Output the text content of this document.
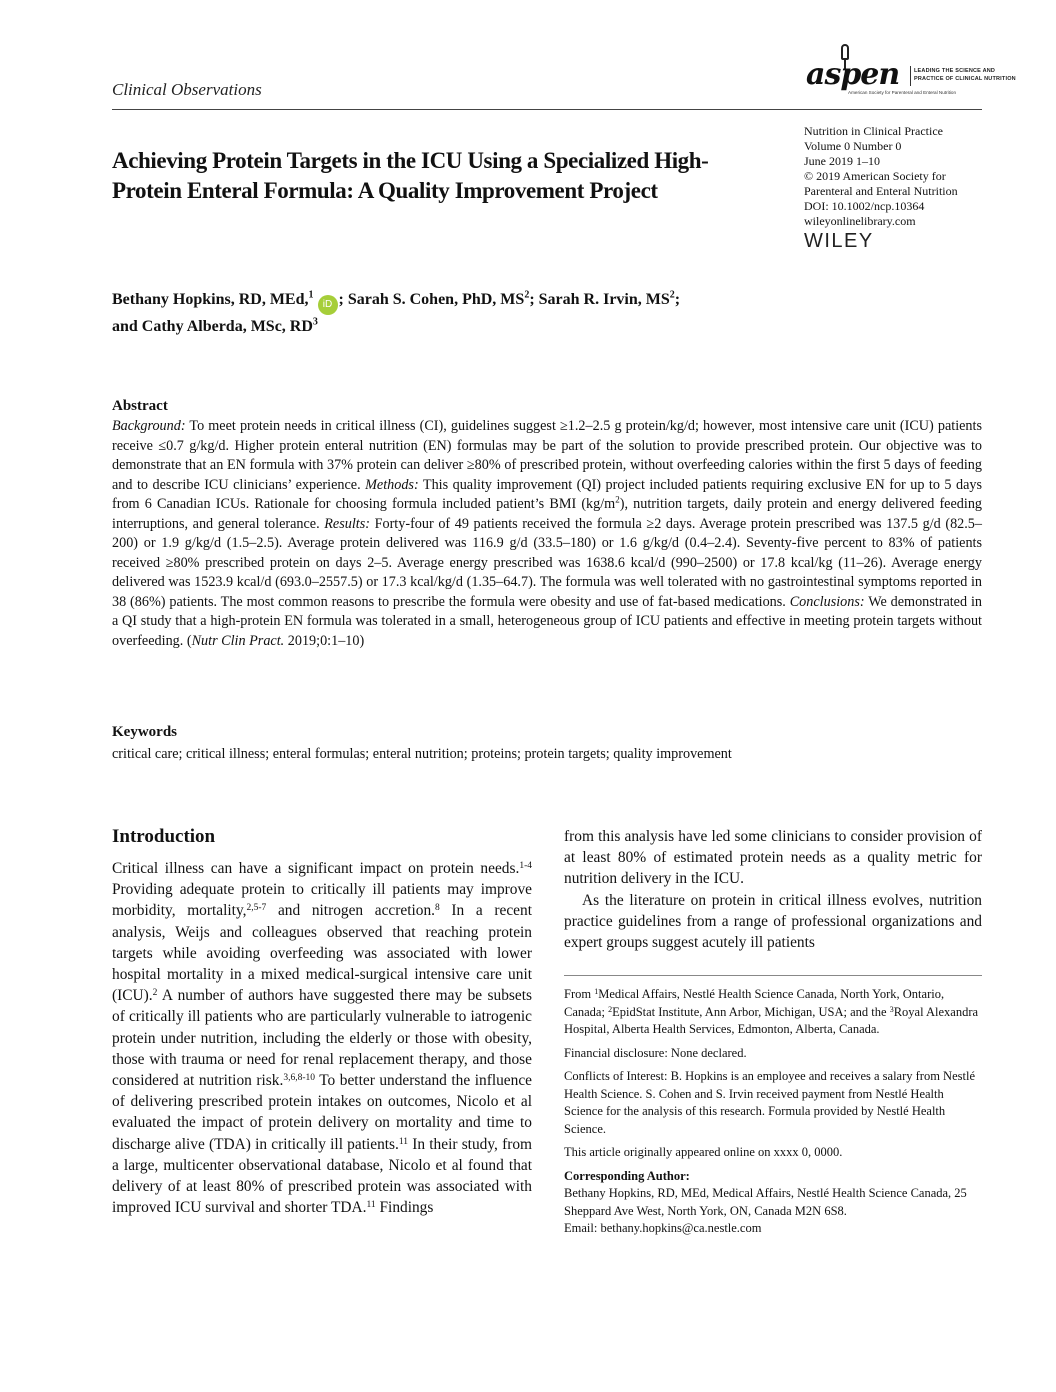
Clinical Observations	aspen	LEADING THE SCIENCE AND
PRACTICE OF CLINICAL NUTRITION
American Society for Parenteral and Enteral Nutrition
Achieving Protein Targets in the ICU Using a Specialized High-Protein Enteral Formula: A Quality Improvement Project
Nutrition in Clinical Practice
Volume 0 Number 0
June 2019 1–10
© 2019 American Society for
Parenteral and Enteral Nutrition
DOI: 10.1002/ncp.10364
wileyonlinelibrary.com
WILEY
Bethany Hopkins, RD, MEd,$^1$iD ; Sarah S. Cohen, PhD, $MS^2$; Sarah R. Irvin, $MS^2$;
and Cathy Alberda, MSc, $RD^3$
Abstract
Background: To meet protein needs in critical illness (CI), guidelines suggest ≥1.2–2.5 g protein/kg/d; however, most intensive care unit (ICU) patients receive ≤0.7 g/kg/d. Higher protein enteral nutrition (EN) formulas may be part of the solution to provide prescribed protein. Our objective was to demonstrate that an EN formula with 37% protein can deliver ≥80% of prescribed protein, without overfeeding calories within the first 5 days of feeding and to describe ICU clinicians’ experience. Methods: This quality improvement (QI) project included patients requiring exclusive EN for up to 5 days from 6 Canadian ICUs. Rationale for choosing formula included patient’s BMI $(kg/m^2)$, nutrition targets, daily protein and energy delivered feeding interruptions, and general tolerance. Results: Forty-four of 49 patients received the formula ≥2 days. Average protein prescribed was 137.5 g/d (82.5–200) or 1.9 g/kg/d (1.5–2.5). Average protein delivered was 116.9 g/d (33.5–180) or 1.6 g/kg/d (0.4–2.4). Seventy-five percent to 83% of patients received ≥80% prescribed protein on days 2–5. Average energy prescribed was 1638.6 kcal/d (990–2500) or 17.8 kcal/kg (11–26). Average energy delivered was 1523.9 kcal/d (693.0–2557.5) or 17.3 kcal/kg/d (1.35–64.7). The formula was well tolerated with no gastrointestinal symptoms reported in 38 (86%) patients. The most common reasons to prescribe the formula were obesity and use of fat-based medications. Conclusions: We demonstrated in a QI study that a high-protein EN formula was tolerated in a small, heterogeneous group of ICU patients and effective in meeting protein targets without overfeeding. (Nutr Clin Pract. 2019;0:1–10)
Keywords
critical care; critical illness; enteral formulas; enteral nutrition; proteins; protein targets; quality improvement
Introduction

Critical illness can have a significant impact on protein needs.$^{1-4}$ Providing adequate protein to critically ill patients may improve morbidity, mortality,$^{2,5-7}$ and nitrogen accretion.$^8$ In a recent analysis, Weijs and colleagues observed that reaching protein targets while avoiding overfeeding was associated with lower hospital mortality in a mixed medical-surgical intensive care unit (ICU).$^2$ A number of authors have suggested there may be subsets of critically ill patients who are particularly vulnerable to iatrogenic protein under nutrition, including the elderly or those with obesity, those with trauma or need for renal replacement therapy, and those considered at nutrition risk.$^{3,6,8-10}$ To better understand the influence of delivering prescribed protein intakes on outcomes, Nicolo et al evaluated the impact of protein delivery on mortality and time to discharge alive (TDA) in critically ill patients.$^{11}$ In their study, from a large, multicenter observational database, Nicolo et al found that delivery of at least 80% of prescribed protein was associated with improved ICU survival and shorter TDA.$^{11}$ Findings

from this analysis have led some clinicians to consider provision of at least 80% of estimated protein needs as a quality metric for nutrition delivery in the ICU.

As the literature on protein in critical illness evolves, nutrition practice guidelines from a range of professional organizations and expert groups suggest acutely ill patients

From $^1$Medical Affairs, Nestlé Health Science Canada, North York, Ontario, Canada; $^2$EpidStat Institute, Ann Arbor, Michigan, USA; and the $^3$Royal Alexandra Hospital, Alberta Health Services, Edmonton, Alberta, Canada.

Financial disclosure: None declared.

Conflicts of Interest: B. Hopkins is an employee and receives a salary from Nestlé Health Science. S. Cohen and S. Irvin received payment from Nestlé Health Science for the analysis of this research. Formula provided by Nestlé Health Science.

This article originally appeared online on xxxx 0, 0000.

Corresponding Author:
Bethany Hopkins, RD, MEd, Medical Affairs, Nestlé Health Science Canada, 25 Sheppard Ave West, North York, ON, Canada M2N 6S8.
Email: bethany.hopkins@ca.nestle.com
